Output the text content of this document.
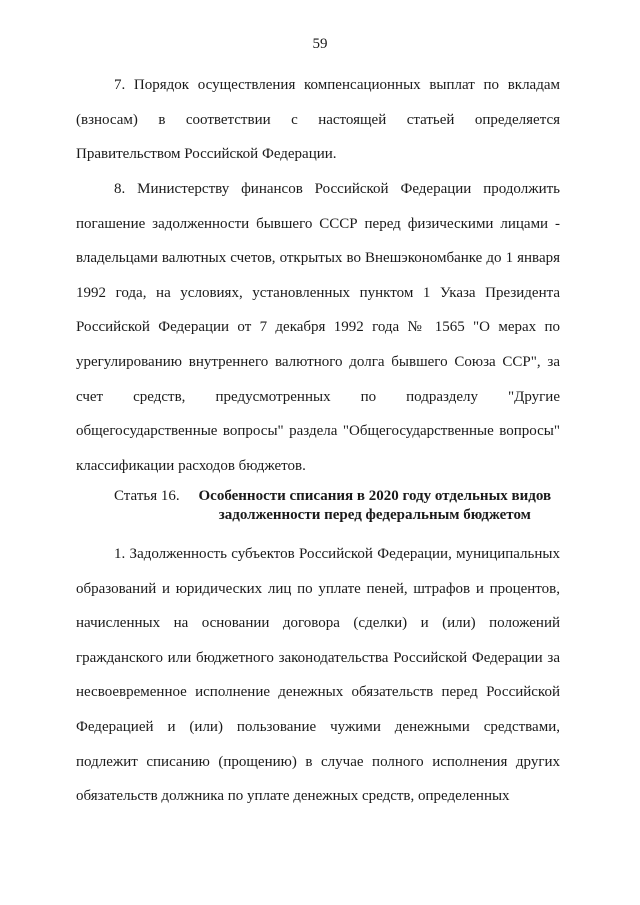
59

7. Порядок осуществления компенсационных выплат по вкладам (взносам) в соответствии с настоящей статьей определяется Правительством Российской Федерации.

8. Министерству финансов Российской Федерации продолжить погашение задолженности бывшего СССР перед физическими лицами - владельцами валютных счетов, открытых во Внешэкономбанке до 1 января 1992 года, на условиях, установленных пунктом 1 Указа Президента Российской Федерации от 7 декабря 1992 года № 1565 "О мерах по урегулированию внутреннего валютного долга бывшего Союза ССР", за счет средств, предусмотренных по подразделу "Другие общегосударственные вопросы" раздела "Общегосударственные вопросы" классификации расходов бюджетов.

Статья 16.	Особенности списания в 2020 году отдельных видов задолженности перед федеральным бюджетом

1. Задолженность субъектов Российской Федерации, муниципальных образований и юридических лиц по уплате пеней, штрафов и процентов, начисленных на основании договора (сделки) и (или) положений гражданского или бюджетного законодательства Российской Федерации за несвоевременное исполнение денежных обязательств перед Российской Федерацией и (или) пользование чужими денежными средствами, подлежит списанию (прощению) в случае полного исполнения других обязательств должника по уплате денежных средств, определенных
